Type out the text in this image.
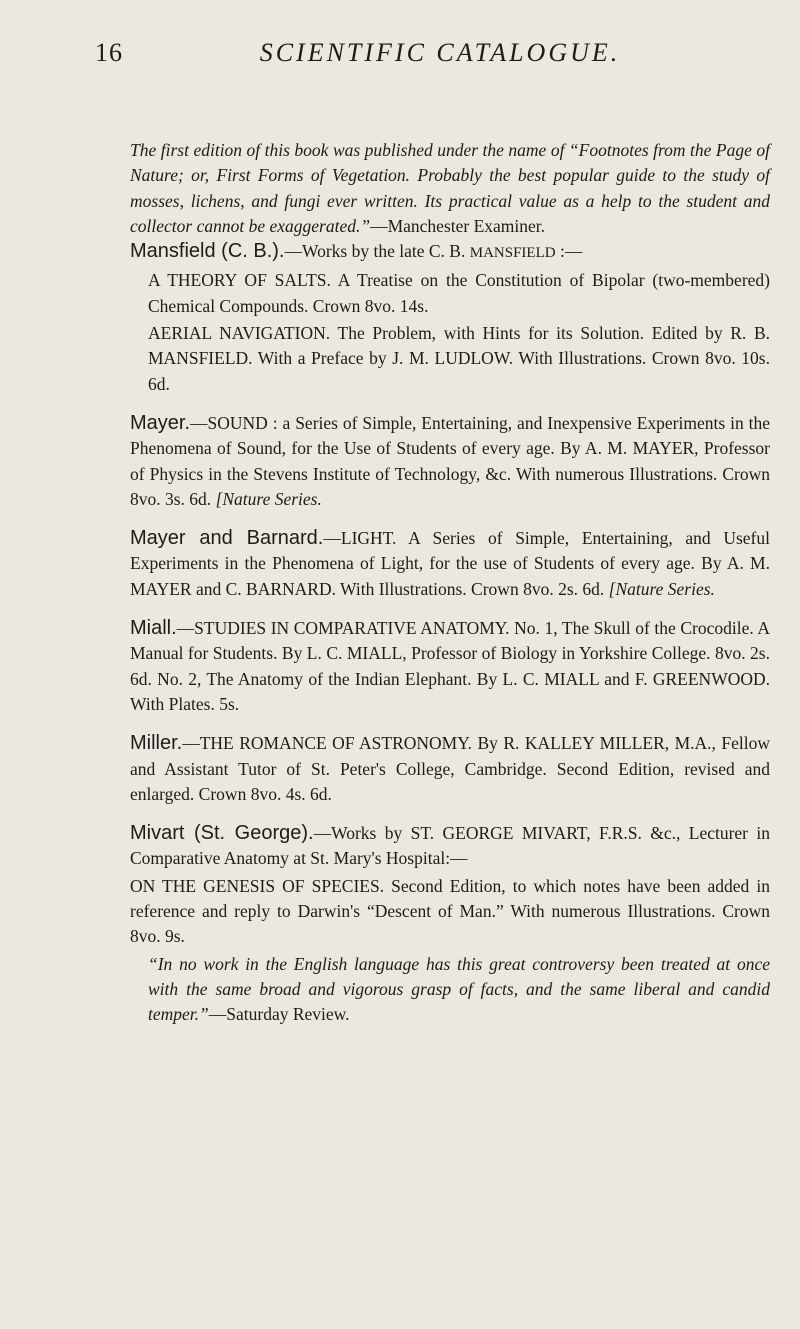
16	SCIENTIFIC CATALOGUE.

The first edition of this book was published under the name of “Footnotes from the Page of Nature; or, First Forms of Vegetation. Probably the best popular guide to the study of mosses, lichens, and fungi ever written. Its practical value as a help to the student and collector cannot be exaggerated.”—Manchester Examiner.

Mansfield (C. B.).—Works by the late C. B. MANSFIELD :—

A THEORY OF SALTS. A Treatise on the Constitution of Bipolar (two-membered) Chemical Compounds. Crown 8vo. 14s.

AERIAL NAVIGATION. The Problem, with Hints for its Solution. Edited by R. B. MANSFIELD. With a Preface by J. M. LUDLOW. With Illustrations. Crown 8vo. 10s. 6d.

Mayer.—SOUND : a Series of Simple, Entertaining, and Inexpensive Experiments in the Phenomena of Sound, for the Use of Students of every age. By A. M. MAYER, Professor of Physics in the Stevens Institute of Technology, &c. With numerous Illustrations. Crown 8vo. 3s. 6d. [Nature Series.

Mayer and Barnard.—LIGHT. A Series of Simple, Entertaining, and Useful Experiments in the Phenomena of Light, for the use of Students of every age. By A. M. MAYER and C. BARNARD. With Illustrations. Crown 8vo. 2s. 6d. [Nature Series.

Miall.—STUDIES IN COMPARATIVE ANATOMY. No. 1, The Skull of the Crocodile. A Manual for Students. By L. C. MIALL, Professor of Biology in Yorkshire College. 8vo. 2s. 6d. No. 2, The Anatomy of the Indian Elephant. By L. C. MIALL and F. GREENWOOD. With Plates. 5s.

Miller.—THE ROMANCE OF ASTRONOMY. By R. KALLEY MILLER, M.A., Fellow and Assistant Tutor of St. Peter's College, Cambridge. Second Edition, revised and enlarged. Crown 8vo. 4s. 6d.

Mivart (St. George).—Works by ST. GEORGE MIVART, F.R.S. &c., Lecturer in Comparative Anatomy at St. Mary's Hospital:—

ON THE GENESIS OF SPECIES. Second Edition, to which notes have been added in reference and reply to Darwin's “Descent of Man.” With numerous Illustrations. Crown 8vo. 9s.

“In no work in the English language has this great controversy been treated at once with the same broad and vigorous grasp of facts, and the same liberal and candid temper.”—Saturday Review.
